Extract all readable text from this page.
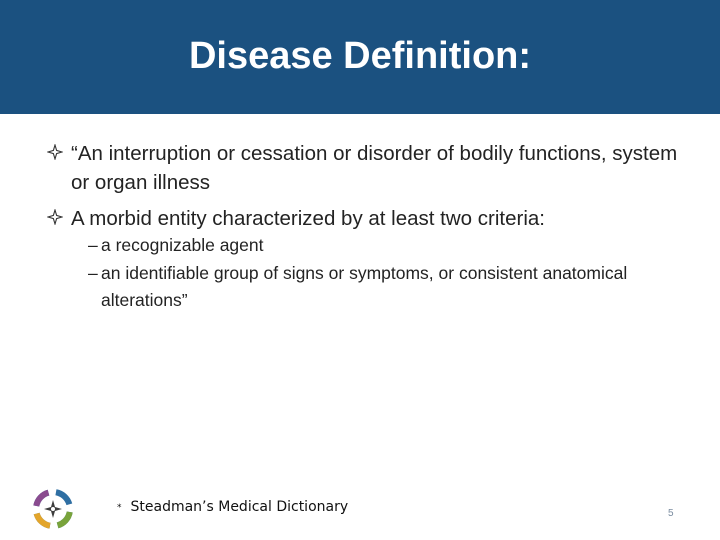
Disease Definition:
“An interruption or cessation or disorder of bodily functions, system or organ illness
A morbid entity characterized by at least two criteria:
– a recognizable agent
– an identifiable group of signs or symptoms, or consistent anatomical alterations”
* Steadman’s Medical Dictionary	5
